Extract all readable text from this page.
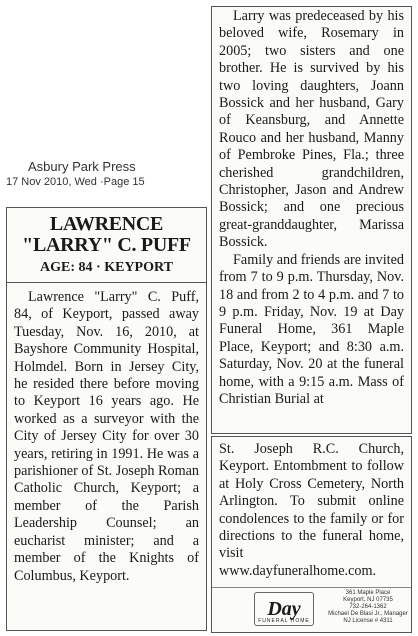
Asbury Park Press
17 Nov 2010, Wed ·Page 15
LAWRENCE "LARRY" C. PUFF
AGE: 84 · KEYPORT

Lawrence "Larry" C. Puff, 84, of Keyport, passed away Tuesday, Nov. 16, 2010, at Bayshore Community Hospital, Holmdel. Born in Jersey City, he resided there before moving to Keyport 16 years ago. He worked as a surveyor with the City of Jersey City for over 30 years, retiring in 1991. He was a parishioner of St. Joseph Roman Catholic Church, Keyport; a member of the Parish Leadership Counsel; an eucharist minister; and a member of the Knights of Columbus, Keyport.

Larry was predeceased by his beloved wife, Rosemary in 2005; two sisters and one brother. He is survived by his two loving daughters, Joann Bossick and her husband, Gary of Keansburg, and Annette Rouco and her husband, Manny of Pembroke Pines, Fla.; three cherished grandchildren, Christopher, Jason and Andrew Bossick; and one precious great-granddaughter, Marissa Bossick.

Family and friends are invited from 7 to 9 p.m. Thursday, Nov. 18 and from 2 to 4 p.m. and 7 to 9 p.m. Friday, Nov. 19 at Day Funeral Home, 361 Maple Place, Keyport; and 8:30 a.m. Saturday, Nov. 20 at the funeral home, with a 9:15 a.m. Mass of Christian Burial at

St. Joseph R.C. Church, Keyport. Entombment to follow at Holy Cross Cemetery, North Arlington. To submit online condolences to the family or for directions to the funeral home, visit www.dayfuneralhome.com.

Day
FUNERAL HOME
361 Maple Place
Keyport, NJ 07735
732-264-1362
Michael De Blasi Jr., Manager
NJ License # 4311
